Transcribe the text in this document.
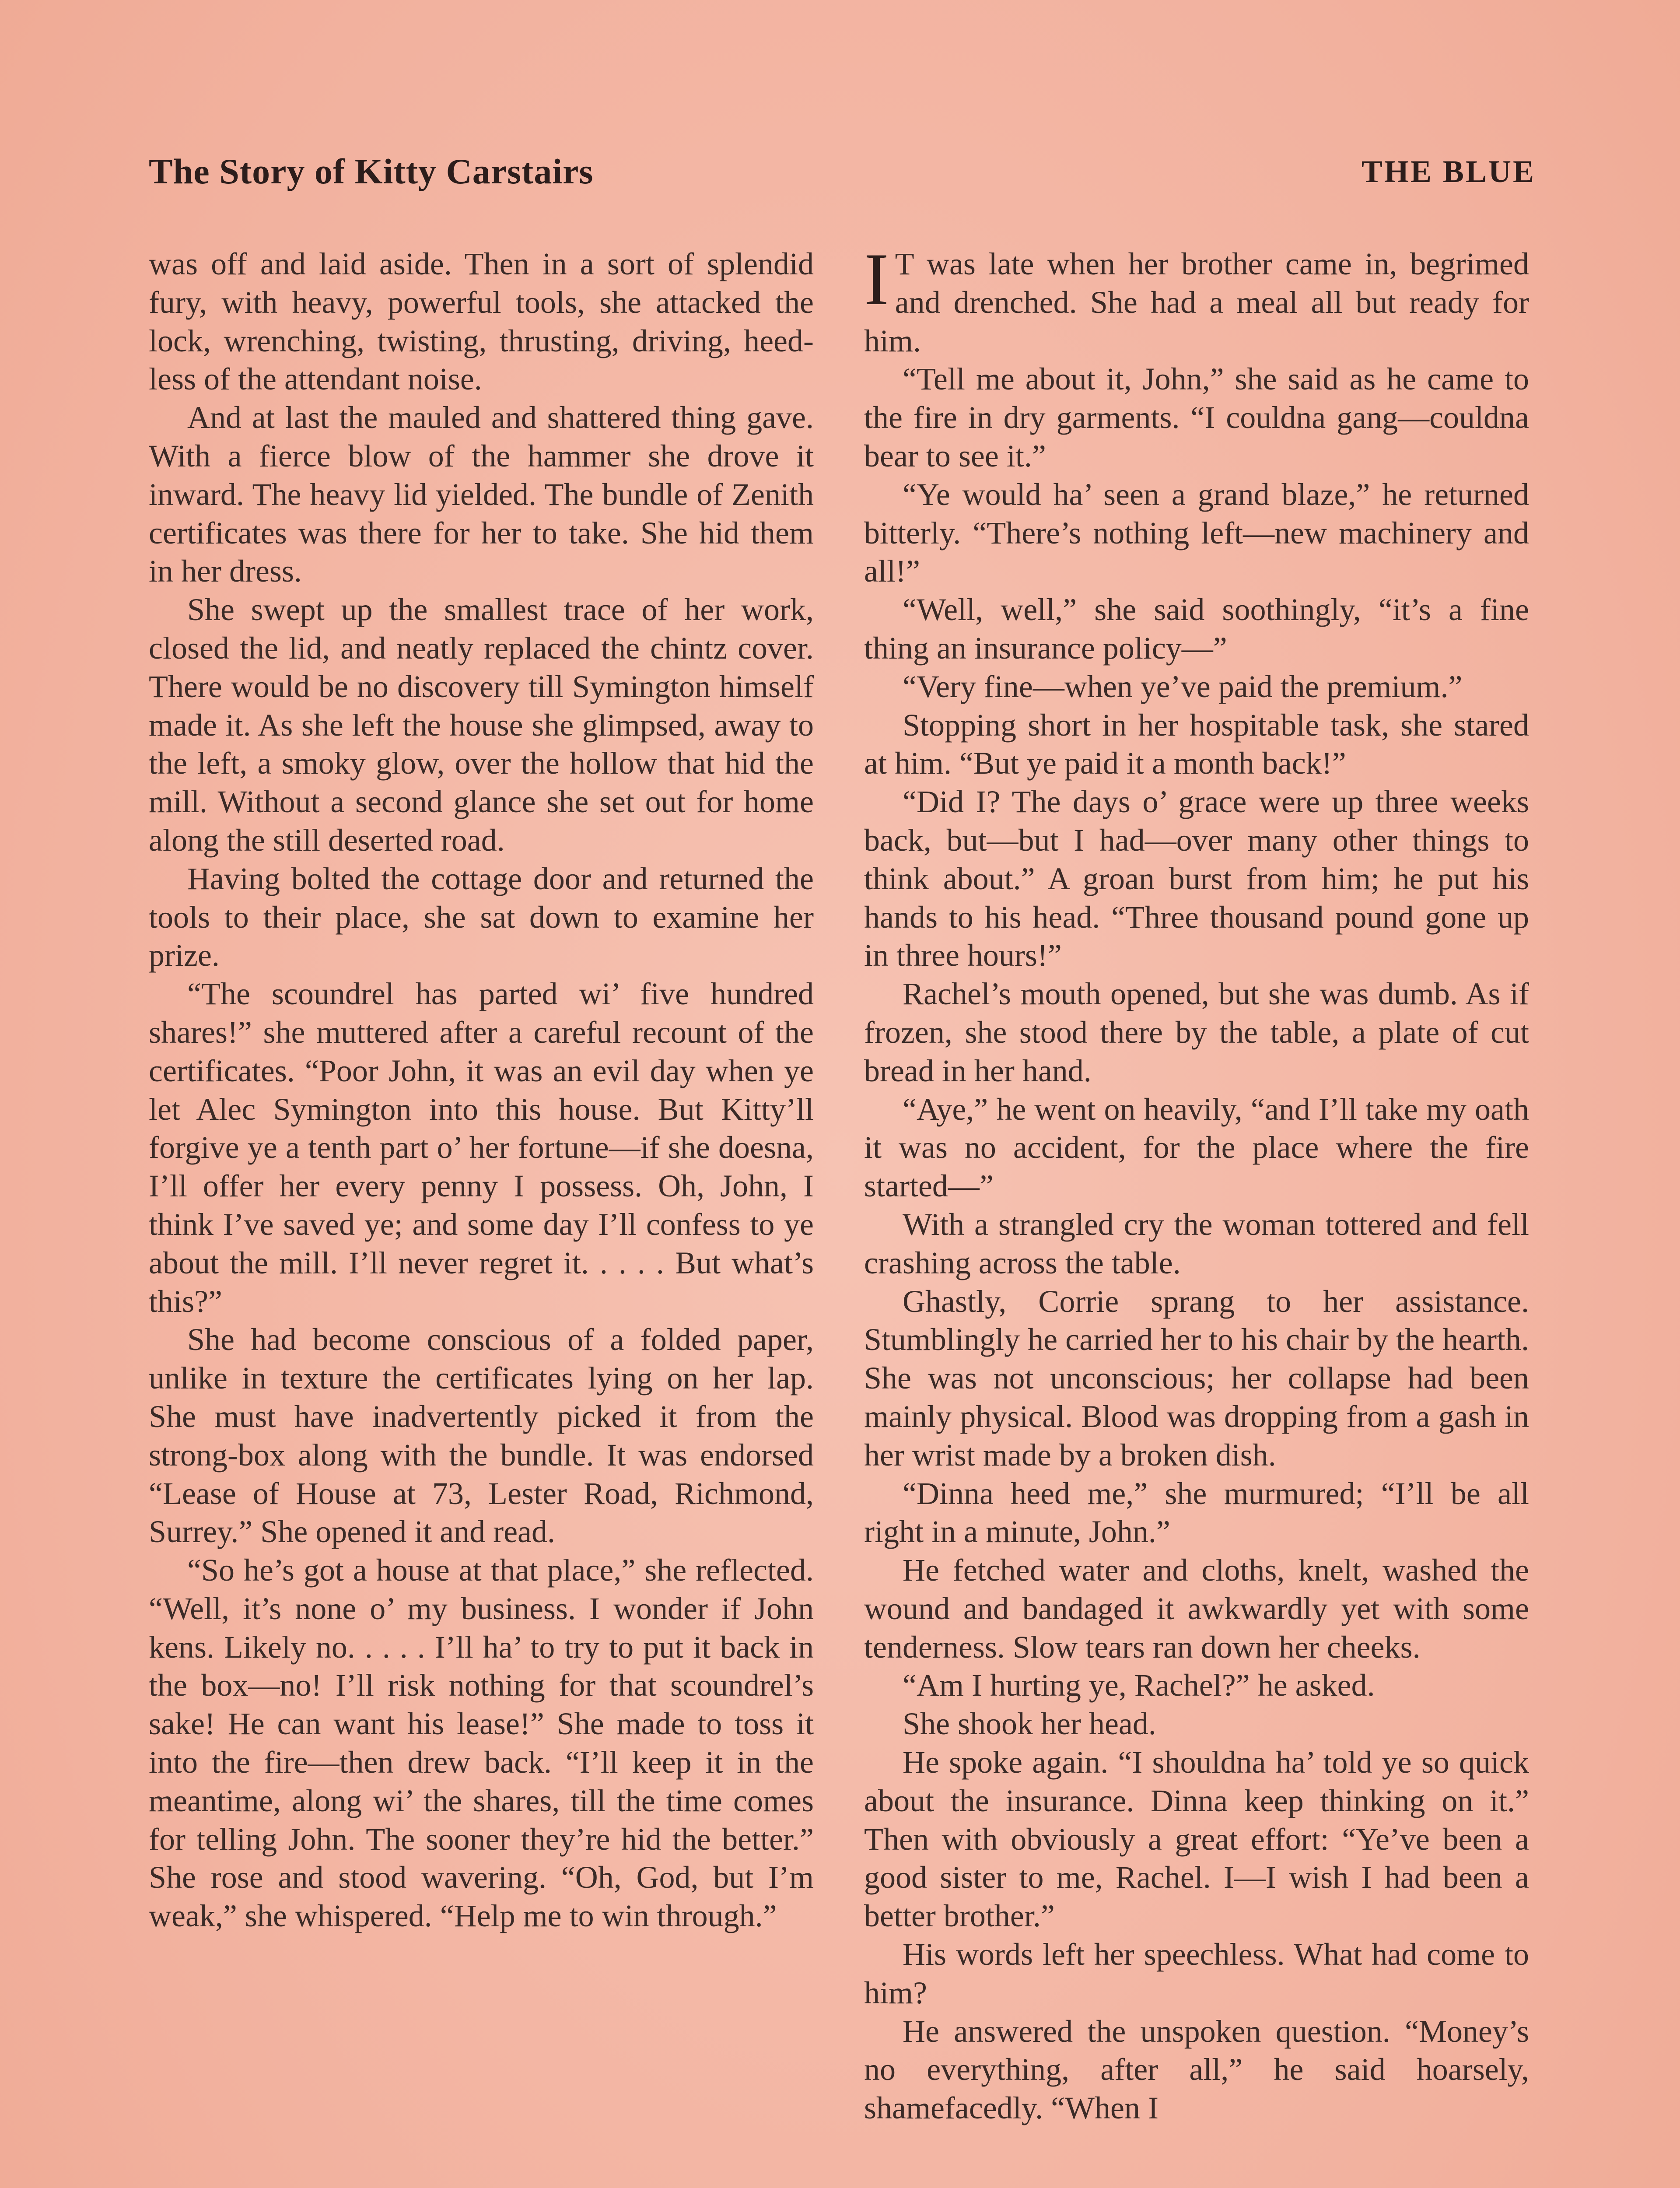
The Story of Kitty Carstairs	THE BLUE

was off and laid aside. Then in a sort of splendid fury, with heavy, powerful tools, she attacked the lock, wrenching, twisting, thrusting, driving, heedless of the attendant noise.

And at last the mauled and shattered thing gave. With a fierce blow of the hammer she drove it inward. The heavy lid yielded. The bundle of Zenith certificates was there for her to take. She hid them in her dress.

She swept up the smallest trace of her work, closed the lid, and neatly replaced the chintz cover. There would be no discovery till Symington himself made it. As she left the house she glimpsed, away to the left, a smoky glow, over the hollow that hid the mill. Without a second glance she set out for home along the still deserted road.

Having bolted the cottage door and returned the tools to their place, she sat down to examine her prize.

“The scoundrel has parted wi’ five hundred shares!” she muttered after a careful recount of the certificates. “Poor John, it was an evil day when ye let Alec Symington into this house. But Kitty’ll forgive ye a tenth part o’ her fortune—if she doesna, I’ll offer her every penny I possess. Oh, John, I think I’ve saved ye; and some day I’ll confess to ye about the mill. I’ll never regret it. . . . . But what’s this?”

She had become conscious of a folded paper, unlike in texture the certificates lying on her lap. She must have inadvertently picked it from the strong-box along with the bundle. It was endorsed “Lease of House at 73, Lester Road, Richmond, Surrey.” She opened it and read.

“So he’s got a house at that place,” she reflected. “Well, it’s none o’ my business. I wonder if John kens. Likely no. . . . . I’ll ha’ to try to put it back in the box—no! I’ll risk nothing for that scoundrel’s sake! He can want his lease!” She made to toss it into the fire—then drew back. “I’ll keep it in the meantime, along wi’ the shares, till the time comes for telling John. The sooner they’re hid the better.” She rose and stood wavering. “Oh, God, but I’m weak,” she whispered. “Help me to win through.”

I T was late when her brother came in, begrimed and drenched. She had a meal all but ready for him.

“Tell me about it, John,” she said as he came to the fire in dry garments. “I couldna gang—couldna bear to see it.”

“Ye would ha’ seen a grand blaze,” he returned bitterly. “There’s nothing left—new machinery and all!”

“Well, well,” she said soothingly, “it’s a fine thing an insurance policy—”

“Very fine—when ye’ve paid the premium.”

Stopping short in her hospitable task, she stared at him. “But ye paid it a month back!”

“Did I? The days o’ grace were up three weeks back, but—but I had—over many other things to think about.” A groan burst from him; he put his hands to his head. “Three thousand pound gone up in three hours!”

Rachel’s mouth opened, but she was dumb. As if frozen, she stood there by the table, a plate of cut bread in her hand.

“Aye,” he went on heavily, “and I’ll take my oath it was no accident, for the place where the fire started—”

With a strangled cry the woman tottered and fell crashing across the table.

Ghastly, Corrie sprang to her assistance. Stumblingly he carried her to his chair by the hearth. She was not unconscious; her collapse had been mainly physical. Blood was dropping from a gash in her wrist made by a broken dish.

“Dinna heed me,” she murmured; “I’ll be all right in a minute, John.”

He fetched water and cloths, knelt, washed the wound and bandaged it awkwardly yet with some tenderness. Slow tears ran down her cheeks.

“Am I hurting ye, Rachel?” he asked.

She shook her head.

He spoke again. “I shouldna ha’ told ye so quick about the insurance. Dinna keep thinking on it.” Then with obviously a great effort: “Ye’ve been a good sister to me, Rachel. I—I wish I had been a better brother.”

His words left her speechless. What had come to him?

He answered the unspoken question. “Money’s no everything, after all,” he said hoarsely, shamefacedly. “When I
